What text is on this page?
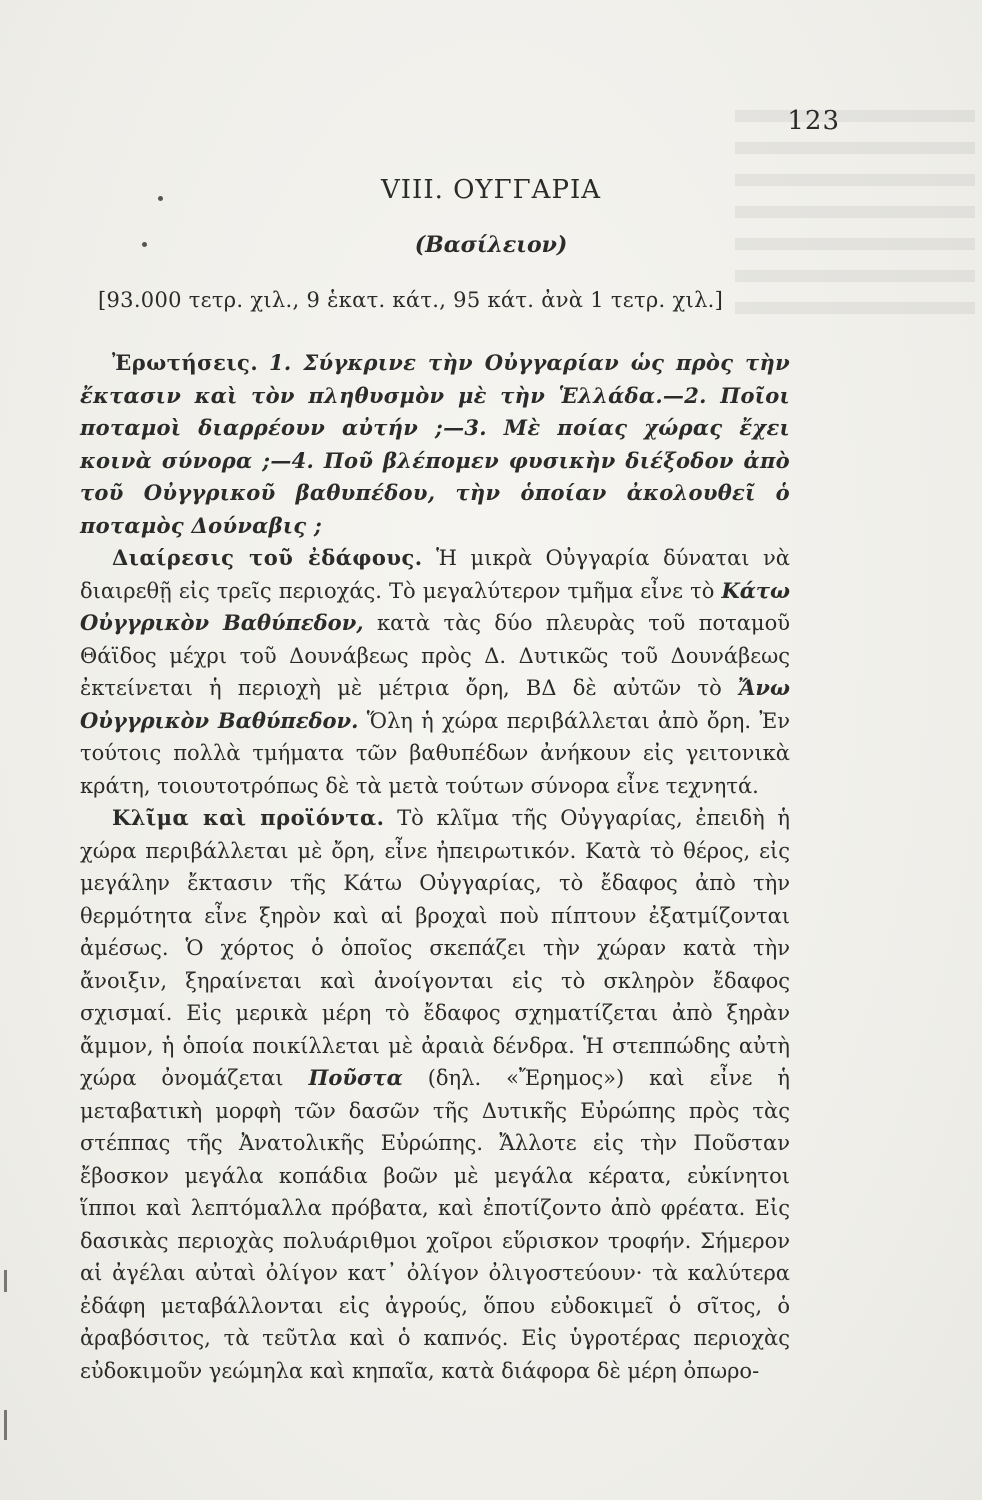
123
VIII. ΟΥΓΓΑΡΙΑ
(Βασίλειον)
[93.000 τετρ. χιλ., 9 ἑκατ. κάτ., 95 κάτ. ἀνὰ 1 τετρ. χιλ.]

Ἐρωτήσεις. 1. Σύγκρινε τὴν Οὐγγαρίαν ὡς πρὸς τὴν ἔκτασιν καὶ τὸν πληθυσμὸν μὲ τὴν Ἑλλάδα.—2. Ποῖοι ποταμοὶ διαρρέουν αὐτήν ;—3. Μὲ ποίας χώρας ἔχει κοινὰ σύνορα ;—4. Ποῦ βλέπομεν φυσικὴν διέξοδον ἀπὸ τοῦ Οὐγγρικοῦ βαθυπέδου, τὴν ὁποίαν ἀκολουθεῖ ὁ ποταμὸς Δούναβις ;

Διαίρεσις τοῦ ἐδάφους. Ἡ μικρὰ Οὐγγαρία δύναται νὰ διαιρεθῇ εἰς τρεῖς περιοχάς. Τὸ μεγαλύτερον τμῆμα εἶνε τὸ Κάτω Οὐγγρικὸν Βαθύπεδον, κατὰ τὰς δύο πλευρὰς τοῦ ποταμοῦ Θάϊδος μέχρι τοῦ Δουνάβεως πρὸς Δ. Δυτικῶς τοῦ Δουνάβεως ἐκτείνεται ἡ περιοχὴ μὲ μέτρια ὄρη, ΒΔ δὲ αὐτῶν τὸ Ἄνω Οὐγγρικὸν Βαθύπεδον. Ὅλη ἡ χώρα περιβάλλεται ἀπὸ ὄρη. Ἐν τούτοις πολλὰ τμήματα τῶν βαθυπέδων ἀνήκουν εἰς γειτονικὰ κράτη, τοιουτοτρόπως δὲ τὰ μετὰ τούτων σύνορα εἶνε τεχνητά.

Κλῖμα καὶ προϊόντα. Τὸ κλῖμα τῆς Οὐγγαρίας, ἐπειδὴ ἡ χώρα περιβάλλεται μὲ ὄρη, εἶνε ἠπειρωτικόν. Κατὰ τὸ θέρος, εἰς μεγάλην ἔκτασιν τῆς Κάτω Οὐγγαρίας, τὸ ἔδαφος ἀπὸ τὴν θερμότητα εἶνε ξηρὸν καὶ αἱ βροχαὶ ποὺ πίπτουν ἐξατμίζονται ἀμέσως. Ὁ χόρτος ὁ ὁποῖος σκεπάζει τὴν χώραν κατὰ τὴν ἄνοιξιν, ξηραίνεται καὶ ἀνοίγονται εἰς τὸ σκληρὸν ἔδαφος σχισμαί. Εἰς μερικὰ μέρη τὸ ἔδαφος σχηματίζεται ἀπὸ ξηρὰν ἄμμον, ἡ ὁποία ποικίλλεται μὲ ἀραιὰ δένδρα. Ἡ στεππώδης αὐτὴ χώρα ὀνομάζεται Ποῦστα (δηλ. «Ἔρημος») καὶ εἶνε ἡ μεταβατικὴ μορφὴ τῶν δασῶν τῆς Δυτικῆς Εὐρώπης πρὸς τὰς στέππας τῆς Ἀνατολικῆς Εὐρώπης. Ἄλλοτε εἰς τὴν Ποῦσταν ἔβοσκον μεγάλα κοπάδια βοῶν μὲ μεγάλα κέρατα, εὐκίνητοι ἵπποι καὶ λεπτόμαλλα πρόβατα, καὶ ἐποτίζοντο ἀπὸ φρέατα. Εἰς δασικὰς περιοχὰς πολυάριθμοι χοῖροι εὕρισκον τροφήν. Σήμερον αἱ ἀγέλαι αὐταὶ ὀλίγον κατ᾽ ὀλίγον ὀλιγοστεύουν· τὰ καλύτερα ἐδάφη μεταβάλλονται εἰς ἀγρούς, ὅπου εὐδοκιμεῖ ὁ σῖτος, ὁ ἀραβόσιτος, τὰ τεῦτλα καὶ ὁ καπνός. Εἰς ὑγροτέρας περιοχὰς εὐδοκιμοῦν γεώμηλα καὶ κηπαῖα, κατὰ διάφορα δὲ μέρη ὀπωρο-
